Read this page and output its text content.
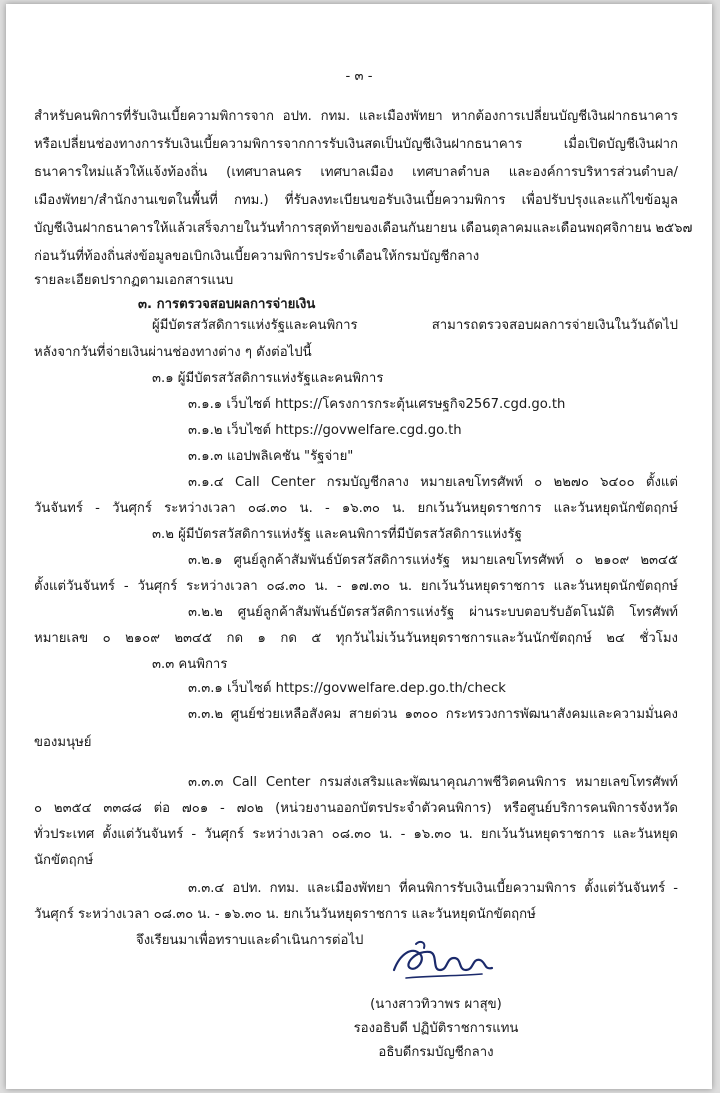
- ๓ -
สำหรับคนพิการที่รับเงินเบี้ยความพิการจาก อปท. กทม. และเมืองพัทยา หากต้องการเปลี่ยนบัญชีเงินฝากธนาคาร
หรือเปลี่ยนช่องทางการรับเงินเบี้ยความพิการจากการรับเงินสดเป็นบัญชีเงินฝากธนาคาร เมื่อเปิดบัญชีเงินฝาก
ธนาคารใหม่แล้วให้แจ้งท้องถิ่น (เทศบาลนคร เทศบาลเมือง เทศบาลตำบล และองค์การบริหารส่วนตำบล/
เมืองพัทยา/สำนักงานเขตในพื้นที่ กทม.) ที่รับลงทะเบียนขอรับเงินเบี้ยความพิการ เพื่อปรับปรุงและแก้ไขข้อมูล
บัญชีเงินฝากธนาคารให้แล้วเสร็จภายในวันทำการสุดท้ายของเดือนกันยายน เดือนตุลาคมและเดือนพฤศจิกายน ๒๕๖๗
ก่อนวันที่ท้องถิ่นส่งข้อมูลขอเบิกเงินเบี้ยความพิการประจำเดือนให้กรมบัญชีกลาง
รายละเอียดปรากฏตามเอกสารแนบ
๓. การตรวจสอบผลการจ่ายเงิน
ผู้มีบัตรสวัสดิการแห่งรัฐและคนพิการ สามารถตรวจสอบผลการจ่ายเงินในวันถัดไป
หลังจากวันที่จ่ายเงินผ่านช่องทางต่าง ๆ ดังต่อไปนี้
๓.๑ ผู้มีบัตรสวัสดิการแห่งรัฐและคนพิการ
๓.๑.๑ เว็บไซต์ https://โครงการกระตุ้นเศรษฐกิจ2567.cgd.go.th
๓.๑.๒ เว็บไซต์ https://govwelfare.cgd.go.th
๓.๑.๓ แอปพลิเคชัน "รัฐจ่าย"
๓.๑.๔ Call Center กรมบัญชีกลาง หมายเลขโทรศัพท์ ๐ ๒๒๗๐ ๖๔๐๐ ตั้งแต่
วันจันทร์ - วันศุกร์ ระหว่างเวลา ๐๘.๓๐ น. - ๑๖.๓๐ น. ยกเว้นวันหยุดราชการ และวันหยุดนักขัตฤกษ์
๓.๒ ผู้มีบัตรสวัสดิการแห่งรัฐ และคนพิการที่มีบัตรสวัสดิการแห่งรัฐ
๓.๒.๑ ศูนย์ลูกค้าสัมพันธ์บัตรสวัสดิการแห่งรัฐ หมายเลขโทรศัพท์ ๐ ๒๑๐๙ ๒๓๔๕
ตั้งแต่วันจันทร์ - วันศุกร์ ระหว่างเวลา ๐๘.๓๐ น. - ๑๗.๓๐ น. ยกเว้นวันหยุดราชการ และวันหยุดนักขัตฤกษ์
๓.๒.๒ ศูนย์ลูกค้าสัมพันธ์บัตรสวัสดิการแห่งรัฐ ผ่านระบบตอบรับอัตโนมัติ โทรศัพท์
หมายเลข ๐ ๒๑๐๙ ๒๓๔๕ กด ๑ กด ๕ ทุกวันไม่เว้นวันหยุดราชการและวันนักขัตฤกษ์ ๒๔ ชั่วโมง
๓.๓ คนพิการ
๓.๓.๑ เว็บไซต์ https://govwelfare.dep.go.th/check
๓.๓.๒ ศูนย์ช่วยเหลือสังคม สายด่วน ๑๓๐๐ กระทรวงการพัฒนาสังคมและความมั่นคง
ของมนุษย์
๓.๓.๓ Call Center กรมส่งเสริมและพัฒนาคุณภาพชีวิตคนพิการ หมายเลขโทรศัพท์
๐ ๒๓๕๔ ๓๓๘๘ ต่อ ๗๐๑ - ๗๐๒ (หน่วยงานออกบัตรประจำตัวคนพิการ) หรือศูนย์บริการคนพิการจังหวัด
ทั่วประเทศ ตั้งแต่วันจันทร์ - วันศุกร์ ระหว่างเวลา ๐๘.๓๐ น. - ๑๖.๓๐ น. ยกเว้นวันหยุดราชการ และวันหยุด
นักขัตฤกษ์
๓.๓.๔ อปท. กทม. และเมืองพัทยา ที่คนพิการรับเงินเบี้ยความพิการ ตั้งแต่วันจันทร์ -
วันศุกร์ ระหว่างเวลา ๐๘.๓๐ น. - ๑๖.๓๐ น. ยกเว้นวันหยุดราชการ และวันหยุดนักขัตฤกษ์
จึงเรียนมาเพื่อทราบและดำเนินการต่อไป
(นางสาวทิวาพร ผาสุข)
รองอธิบดี ปฏิบัติราชการแทน
อธิบดีกรมบัญชีกลาง
